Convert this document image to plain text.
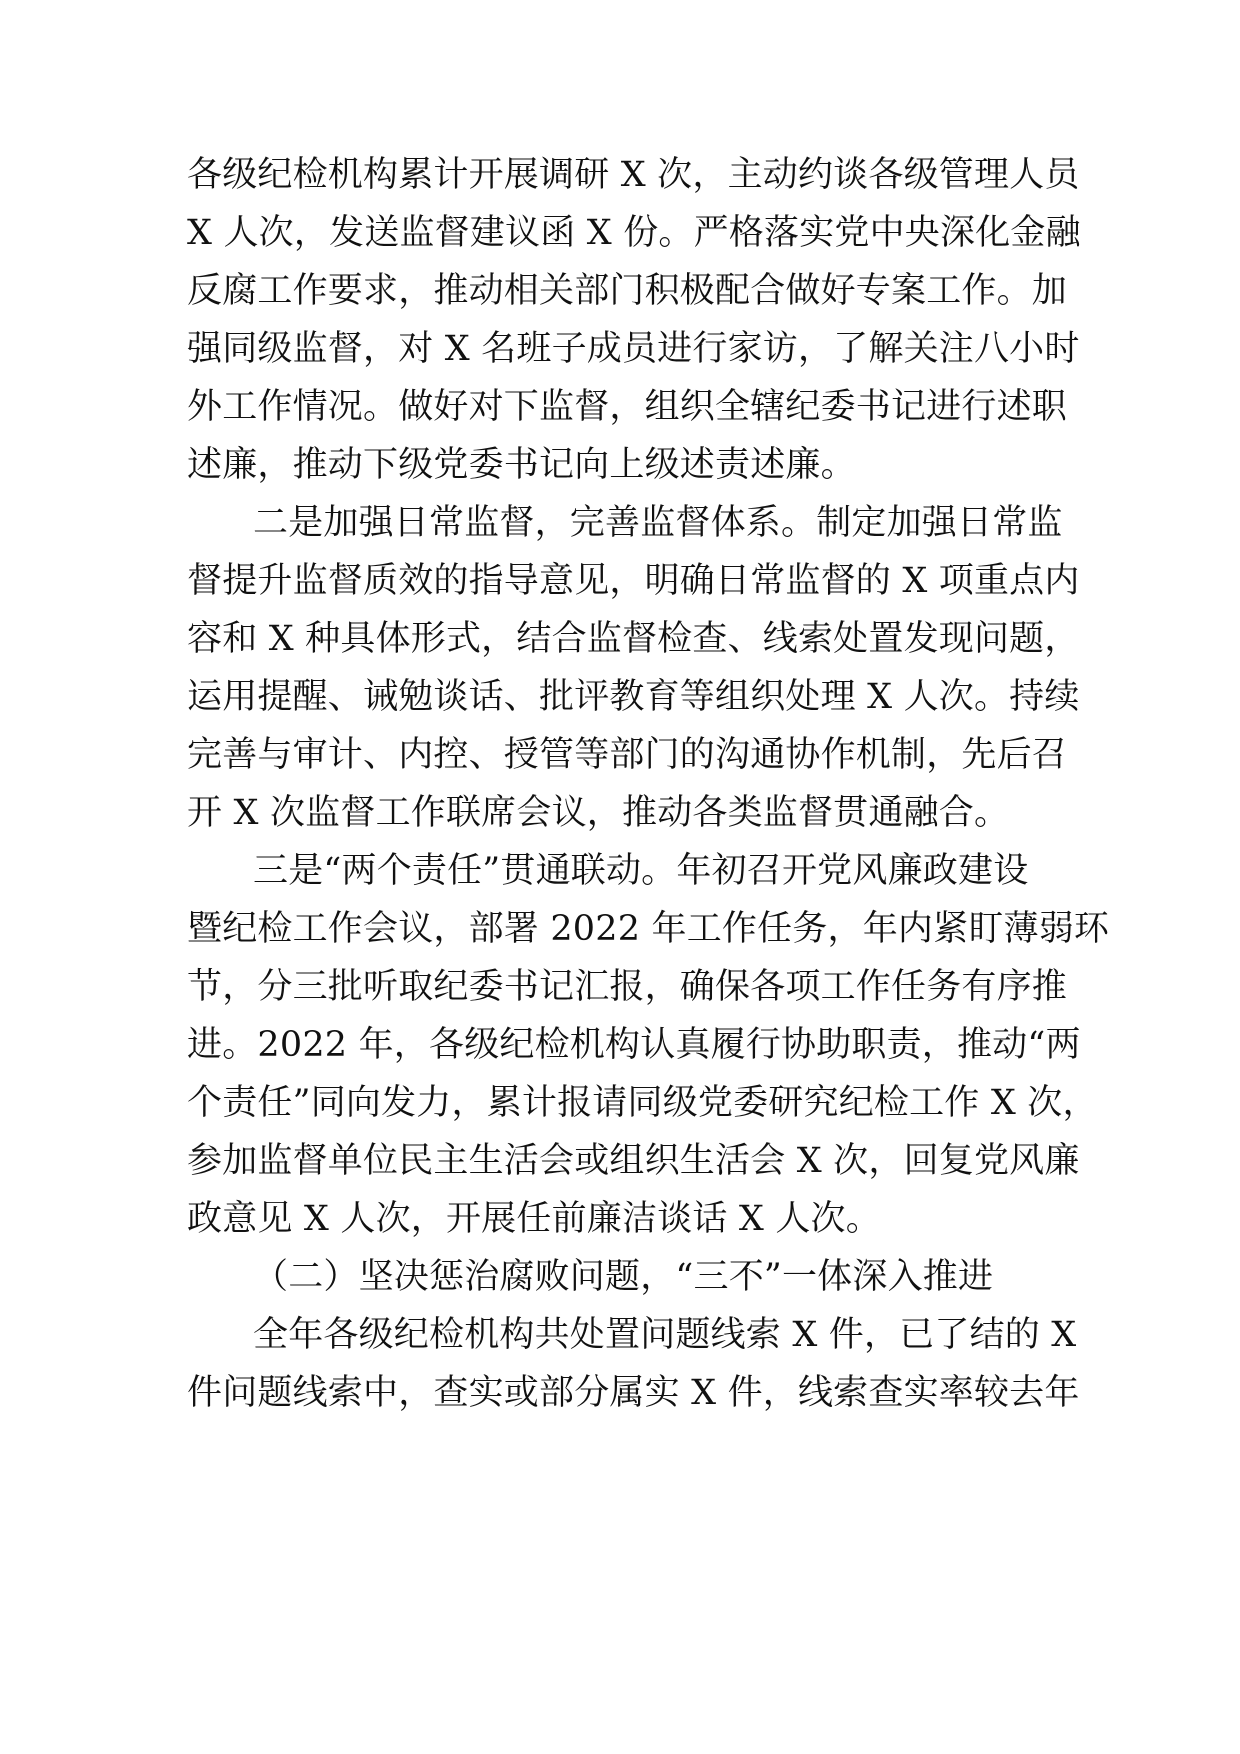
各级纪检机构累计开展调研 X 次，主动约谈各级管理人员
X 人次，发送监督建议函 X 份。严格落实党中央深化金融
反腐工作要求，推动相关部门积极配合做好专案工作。加
强同级监督，对 X 名班子成员进行家访，了解关注八小时
外工作情况。做好对下监督，组织全辖纪委书记进行述职
述廉，推动下级党委书记向上级述责述廉。
二是加强日常监督，完善监督体系。制定加强日常监
督提升监督质效的指导意见，明确日常监督的 X 项重点内
容和 X 种具体形式，结合监督检查、线索处置发现问题，
运用提醒、诫勉谈话、批评教育等组织处理 X 人次。持续
完善与审计、内控、授管等部门的沟通协作机制，先后召
开 X 次监督工作联席会议，推动各类监督贯通融合。
三是“两个责任”贯通联动。年初召开党风廉政建设
暨纪检工作会议，部署 2022 年工作任务，年内紧盯薄弱环
节，分三批听取纪委书记汇报，确保各项工作任务有序推
进。2022 年，各级纪检机构认真履行协助职责，推动“两
个责任”同向发力，累计报请同级党委研究纪检工作 X 次，
参加监督单位民主生活会或组织生活会 X 次，回复党风廉
政意见 X 人次，开展任前廉洁谈话 X 人次。
（二）坚决惩治腐败问题，“三不”一体深入推进
全年各级纪检机构共处置问题线索 X 件，已了结的 X
件问题线索中，查实或部分属实 X 件，线索查实率较去年
